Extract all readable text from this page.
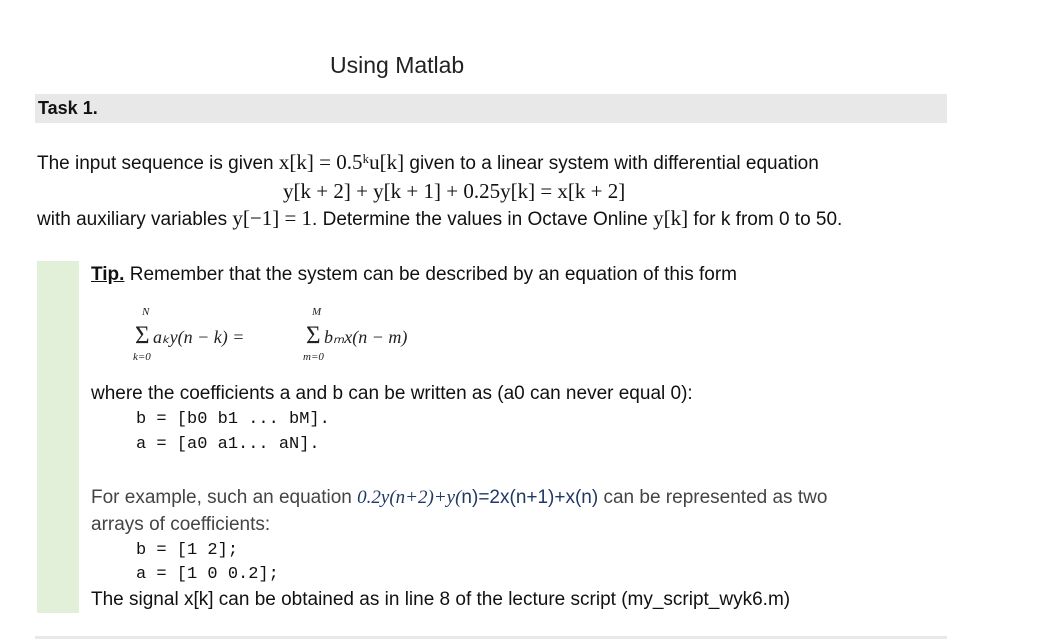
Using Matlab
Task 1.
The input sequence is given x[k] = 0.5ᵏu[k] given to a linear system with differential equation
y[k + 2] + y[k + 1] + 0.25y[k] = x[k + 2]
with auxiliary variables y[−1] = 1. Determine the values in Octave Online y[k] for k from 0 to 50.
Tip. Remember that the system can be described by an equation of this form
N
Σ
k=0
aₖy(n − k) =
M
Σ
m=0
bₘx(n − m)
where the coefficients a and b can be written as (a0 can never equal 0):
b = [b0 b1 ... bM].
a = [a0 a1... aN].
For example, such an equation 0.2y(n+2)+y(n)=2x(n+1)+x(n) can be represented as two
arrays of coefficients:
b = [1 2];
a = [1 0 0.2];
The signal x[k] can be obtained as in line 8 of the lecture script (my_script_wyk6.m)
